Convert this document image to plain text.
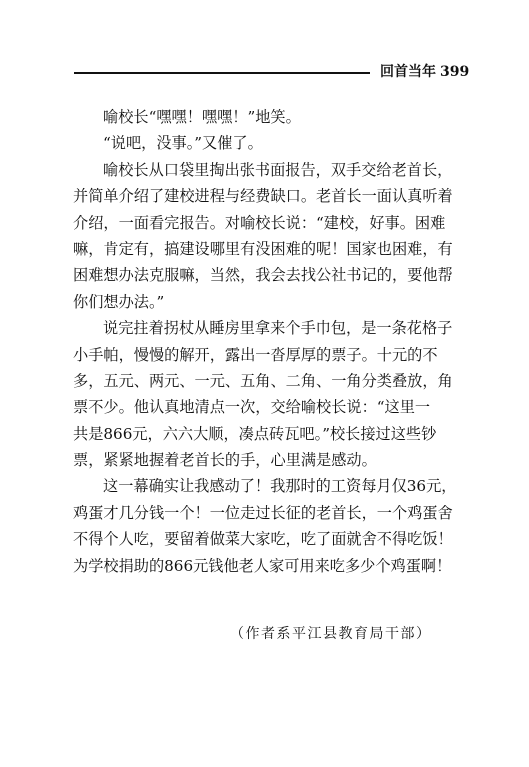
回首当年 399
喻校长“嘿嘿！嘿嘿！”地笑。
“说吧，没事。”又催了。
喻校长从口袋里掏出张书面报告，双手交给老首长，
并简单介绍了建校进程与经费缺口。老首长一面认真听着
介绍，一面看完报告。对喻校长说：“建校，好事。困难
嘛，肯定有，搞建设哪里有没困难的呢！国家也困难，有
困难想办法克服嘛，当然，我会去找公社书记的，要他帮
你们想办法。”
说完拄着拐杖从睡房里拿来个手巾包，是一条花格子
小手帕，慢慢的解开，露出一沓厚厚的票子。十元的不
多，五元、两元、一元、五角、二角、一角分类叠放，角
票不少。他认真地清点一次，交给喻校长说：“这里一
共是866元，六六大顺，凑点砖瓦吧。”校长接过这些钞
票，紧紧地握着老首长的手，心里满是感动。
这一幕确实让我感动了！我那时的工资每月仅36元，
鸡蛋才几分钱一个！一位走过长征的老首长，一个鸡蛋舍
不得个人吃，要留着做菜大家吃，吃了面就舍不得吃饭！
为学校捐助的866元钱他老人家可用来吃多少个鸡蛋啊！
（作者系平江县教育局干部）
